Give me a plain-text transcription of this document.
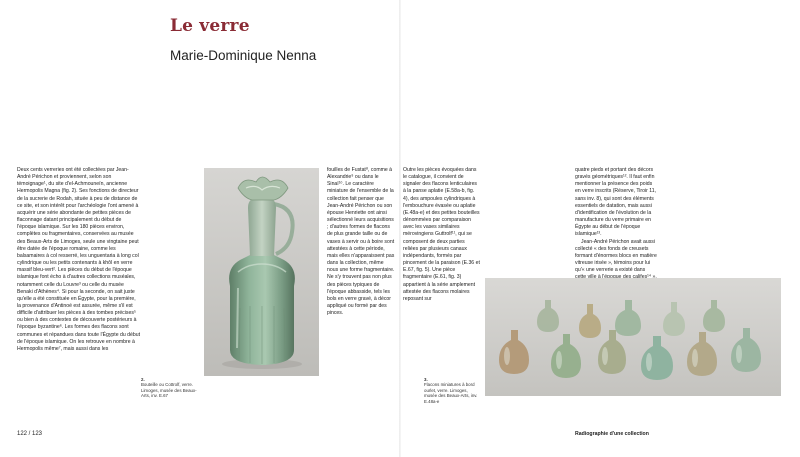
Le verre
Marie-Dominique Nenna

Deux cents verreries ont été collectées par Jean-André Périchon et proviennent, selon son témoignage¹, du site d'el-Achmouneïn, ancienne Hermopolis Magna (fig. 2). Ses fonctions de directeur de la sucrerie de Rodah, située à peu de distance de ce site, et son intérêt pour l'archéologie l'ont amené à acquérir une série abondante de petites pièces de flaconnage datant principalement du début de l'époque islamique. Sur les 180 pièces environ, complètes ou fragmentaires, conservées au musée des Beaux-Arts de Limoges, seule une vingtaine peut être datée de l'époque romaine, comme les balsamaires à col resserré, les unguentaria à long col cylindrique ou les petits contenants à khôl en verre massif bleu-vert². Les pièces du début de l'époque islamique font écho à d'autres collections muséales, notamment celle du Louvre³ ou celle du musée Benaki d'Athènes⁴. Si pour la seconde, on sait juste qu'elle a été constituée en Égypte, pour la première, la provenance d'Antinoé est assurée, même s'il est difficile d'attribuer les pièces à des tombes précises⁵ ou bien à des contextes de découverte postérieurs à l'époque byzantine⁶. Les formes des flacons sont communes et répandues dans toute l'Égypte du début de l'époque islamique. On les retrouve en nombre à Hermopolis même⁷, mais aussi dans les

fouilles de Fustat⁸, comme à Alexandrie⁹ ou dans le Sinaï¹⁰. Le caractère miniature de l'ensemble de la collection fait penser que Jean-André Périchon ou son épouse Henriette ont ainsi sélectionné leurs acquisitions ; d'autres formes de flacons de plus grande taille ou de vases à servir ou à boire sont attestées à cette période, mais elles n'apparaissent pas dans la collection, même nous une forme fragmentaire. Ne s'y trouvent pas non plus des pièces typiques de l'époque abbasside, tels les bols en verre gravé, à décor appliqué ou formé par des pinces.

Outre les pièces évoquées dans le catalogue, il convient de signaler des flacons lenticulaires à la panse aplatie (E.58a-b, fig. 4), des ampoules cylindriques à l'embouchure évasée ou aplatie (E.48a-e) et des petites bouteilles dénommées par comparaison avec les vases similaires mérovingiens Guttrolf¹¹, qui se composent de deux parties reliées par plusieurs canaux indépendants, formés par pincement de la paraison (E.36 et E.67, fig. 5). Une pièce fragmentaire (E.61, fig. 3) appartient à la série amplement attestée des flacons molaires reposant sur

quatre pieds et portant des décors gravés géométriques¹². Il faut enfin mentionner la présence des poids en verre inscrits (Réserve, Tiroir 11, sans inv. 8), qui sont des éléments essentiels de datation, mais aussi d'identification de l'évolution de la manufacture du verre primaire en Égypte au début de l'époque islamique¹³.

Jean-André Périchon avait aussi collecté « des fonds de creusets formant d'énormes blocs en matière vitreuse irisée », témoins pour lui qu'« une verrerie a existé dans

2.
Bouteille ou Cottrolf, verre. Limoges, musée des Beaux-Arts, inv. E.67
3.
Flacons miniatures à bord ourlet, verre. Limoges, musée des Beaux-Arts, inv. E.48a-e
122 / 123	Radiographie d'une collection
